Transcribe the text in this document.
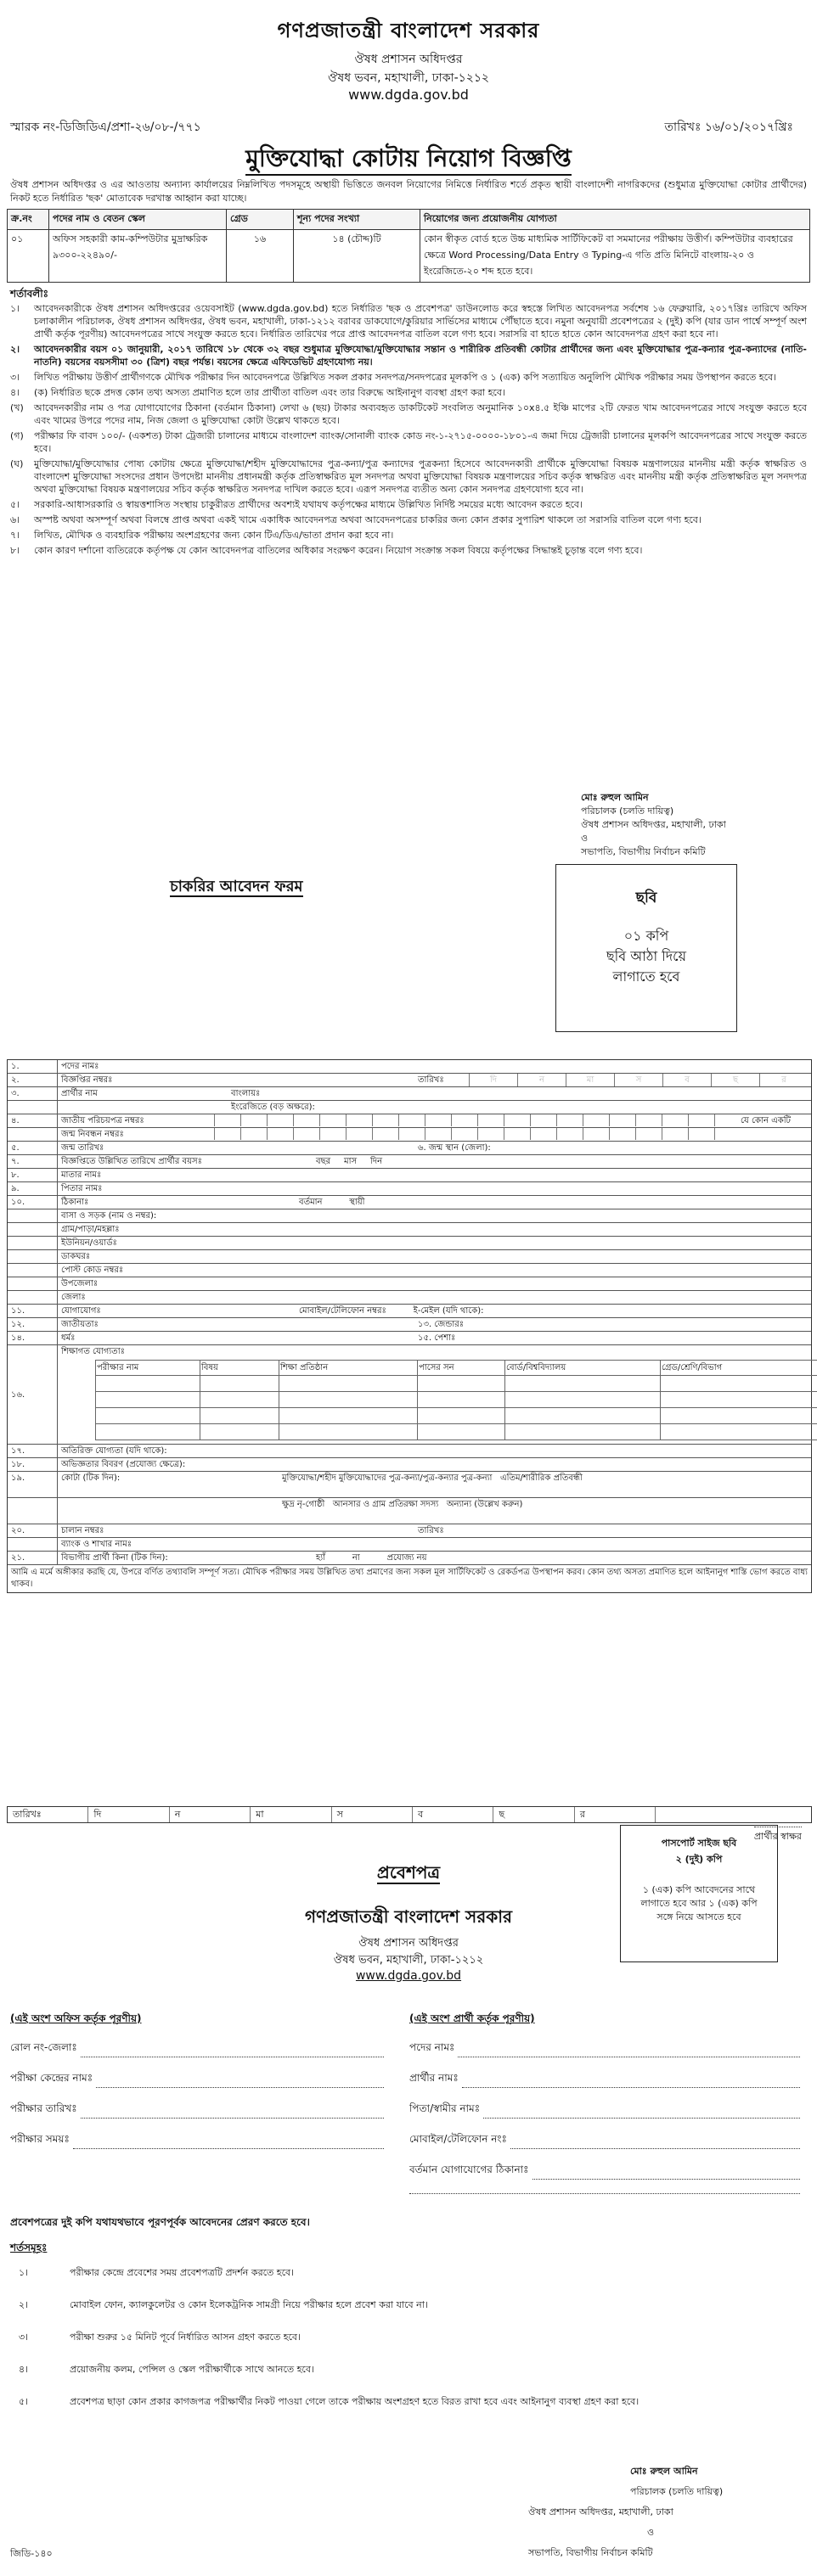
গণপ্রজাতন্ত্রী বাংলাদেশ সরকার
ঔষধ প্রশাসন অধিদপ্তর
ঔষধ ভবন, মহাখালী, ঢাকা-১২১২
www.dgda.gov.bd
স্মারক নং-ডিজিডিএ/প্রশা-২৬/০৮-/৭৭১	তারিখঃ ১৬/০১/২০১৭খ্রিঃ
মুক্তিযোদ্ধা কোটায় নিয়োগ বিজ্ঞপ্তি
ঔষধ প্রশাসন অধিদপ্তর ও এর আওতায় অন্যান্য কার্যালয়ের নিম্নলিখিত পদসমূহে অস্থায়ী ভিত্তিতে জনবল নিয়োগের নিমিত্তে নির্ধারিত শর্তে প্রকৃত স্থায়ী বাংলাদেশী নাগরিকদের (শুধুমাত্র মুক্তিযোদ্ধা কোটার প্রার্থীদের) নিকট হতে নির্ধারিত 'ছক' মোতাবেক দরখাস্ত আহ্বান করা যাচ্ছে।
ক্র.নং	পদের নাম ও বেতন স্কেল	গ্রেড	শূন্য পদের সংখ্যা	নিয়োগের জন্য প্রয়োজনীয় যোগ্যতা
০১	অফিস সহকারী কাম-কম্পিউটার মুদ্রাক্ষরিক ৯৩০০-২২৪৯০/-	১৬	১৪ (চৌদ্দ)টি	কোন স্বীকৃত বোর্ড হতে উচ্চ মাধ্যমিক সার্টিফিকেট বা সমমানের পরীক্ষায় উত্তীর্ণ। কম্পিউটার ব্যবহারের ক্ষেত্রে Word Processing/Data Entry ও Typing-এ গতি প্রতি মিনিটে বাংলায়-২০ ও ইংরেজিতে-২০ শব্দ হতে হবে।
শর্তাবলীঃ
১।	আবেদনকারীকে ঔষধ প্রশাসন অধিদপ্তরের ওয়েবসাইট (www.dgda.gov.bd) হতে নির্ধারিত 'ছক ও প্রবেশপত্র' ডাউনলোড করে স্বহস্তে লিখিত আবেদনপত্র সর্বশেষ ১৬ ফেব্রুয়ারি, ২০১৭খ্রিঃ তারিখে অফিস চলাকালীন পরিচালক, ঔষধ প্রশাসন অধিদপ্তর, ঔষধ ভবন, মহাখালী, ঢাকা-১২১২ বরাবর ডাকযোগে/কুরিয়ার সার্ভিসের মাধ্যমে পৌঁছাতে হবে। নমুনা অনুযায়ী প্রবেশপত্রের ২ (দুই) কপি (যার ডান পার্শ্বে সম্পূর্ণ অংশ প্রার্থী কর্তৃক পূরণীয়) আবেদনপত্রের সাথে সংযুক্ত করতে হবে। নির্ধারিত তারিখের পরে প্রাপ্ত আবেদনপত্র বাতিল বলে গণ্য হবে। সরাসরি বা হাতে হাতে কোন আবেদনপত্র গ্রহণ করা হবে না।
২।	আবেদনকারীর বয়স ০১ জানুয়ারী, ২০১৭ তারিখে ১৮ থেকে ৩২ বছর শুধুমাত্র মুক্তিযোদ্ধা/মুক্তিযোদ্ধার সন্তান ও শারীরিক প্রতিবন্ধী কোটার প্রার্থীদের জন্য এবং মুক্তিযোদ্ধার পুত্র-কন্যার পুত্র-কন্যাদের (নাতি-নাতনি) বয়সের বয়সসীমা ৩০ (ত্রিশ) বছর পর্যন্ত। বয়সের ক্ষেত্রে এফিডেভিট গ্রহণযোগ্য নয়।
৩।	লিখিত পরীক্ষায় উত্তীর্ণ প্রার্থীগণকে মৌখিক পরীক্ষার দিন আবেদনপত্রে উল্লিখিত সকল প্রকার সনদপত্র/সনদপত্রের মূলকপি ও ১ (এক) কপি সত্যায়িত অনুলিপি মৌখিক পরীক্ষার সময় উপস্থাপন করতে হবে।
৪।	(ক) নির্ধারিত ছকে প্রদত্ত কোন তথ্য অসত্য প্রমাণিত হলে তার প্রার্থীতা বাতিল এবং তার বিরুদ্ধে আইনানুগ ব্যবস্থা গ্রহণ করা হবে।
(খ)	আবেদনকারীর নাম ও পত্র যোগাযোগের ঠিকানা (বর্তমান ঠিকানা) লেখা ৬ (ছয়) টাকার অব্যবহৃত ডাকটিকেট সংবলিত অনুমানিক ১০x৪.৫ ইঞ্চি মাপের ২টি ফেরত খাম আবেদনপত্রের সাথে সংযুক্ত করতে হবে এবং খামের উপরে পদের নাম, নিজ জেলা ও মুক্তিযোদ্ধা কোটা উল্লেখ থাকতে হবে।
(গ)	পরীক্ষার ফি বাবদ ১০০/- (একশত) টাকা ট্রেজারী চালানের মাধ্যমে বাংলাদেশ ব্যাংক/সোনালী ব্যাংক কোড নং-১-২৭১৫-০০০০-১৮০১-এ জমা দিয়ে ট্রেজারী চালানের মূলকপি আবেদনপত্রের সাথে সংযুক্ত করতে হবে।
(ঘ)	মুক্তিযোদ্ধা/মুক্তিযোদ্ধার পোষ্য কোটায় ক্ষেত্রে মুক্তিযোদ্ধা/শহীদ মুক্তিযোদ্ধাদের পুত্র-কন্যা/পুত্র কন্যাদের পুত্রকন্যা হিসেবে আবেদনকারী প্রার্থীকে মুক্তিযোদ্ধা বিষয়ক মন্ত্রণালয়ের মাননীয় মন্ত্রী কর্তৃক স্বাক্ষরিত ও বাংলাদেশ মুক্তিযোদ্ধা সংসদের প্রধান উপদেষ্টা মাননীয় প্রধানমন্ত্রী কর্তৃক প্রতিস্বাক্ষরিত মূল সনদপত্র অথবা মুক্তিযোদ্ধা বিষয়ক মন্ত্রণালয়ের সচিব কর্তৃক স্বাক্ষরিত এবং মাননীয় মন্ত্রী কর্তৃক প্রতিস্বাক্ষরিত মূল সনদপত্র অথবা মুক্তিযোদ্ধা বিষয়ক মন্ত্রণালয়ের সচিব কর্তৃক স্বাক্ষরিত সনদপত্র দাখিল করতে হবে। এরূপ সনদপত্র ব্যতীত অন্য কোন সনদপত্র গ্রহণযোগ্য হবে না।
৫।	সরকারি-আধাসরকারি ও স্বায়ত্তশাসিত সংস্থায় চাকুরীরত প্রার্থীদের অবশ্যই যথাযথ কর্তৃপক্ষের মাধ্যমে উল্লিখিত নির্দিষ্ট সময়ের মধ্যে আবেদন করতে হবে।
৬।	অস্পষ্ট অথবা অসম্পূর্ণ অথবা বিলম্বে প্রাপ্ত অথবা একই খামে একাধিক আবেদনপত্র অথবা আবেদনপত্রের চাকরির জন্য কোন প্রকার সুপারিশ থাকলে তা সরাসরি বাতিল বলে গণ্য হবে।
৭।	লিখিত, মৌখিক ও ব্যবহারিক পরীক্ষায় অংশগ্রহণের জন্য কোন টিএ/ডিএ/ভাতা প্রদান করা হবে না।
৮।	কোন কারণ দর্শানো ব্যতিরেকে কর্তৃপক্ষ যে কোন আবেদনপত্র বাতিলের অধিকার সংরক্ষণ করেন। নিয়োগ সংক্রান্ত সকল বিষয়ে কর্তৃপক্ষের সিদ্ধান্তই চূড়ান্ত বলে গণ্য হবে।
মোঃ রুহুল আমিন
পরিচালক (চলতি দায়িত্ব)
ঔষধ প্রশাসন অধিদপ্তর, মহাখালী, ঢাকা
ও
সভাপতি, বিভাগীয় নির্বাচন কমিটি
চাকরির আবেদন ফরম
ছবি
০১ কপি
ছবি আঠা দিয়ে
লাগাতে হবে
১.	পদের নামঃ
২.	বিজ্ঞপ্তির নম্বরঃ	তারিখঃ	দি	ন	মা	স	ব	ছ	র
৩.	প্রার্থীর নাম	বাংলায়ঃ
ইংরেজিতে (বড় অক্ষরে):
৪.	জাতীয় পরিচয়পত্র নম্বরঃ	যে কোন একটি
জন্ম নিবন্ধন নম্বরঃ
৫.	জন্ম তারিখঃ	৬. জন্ম স্থান (জেলা):
৭.	বিজ্ঞপ্তিতে উল্লিখিত তারিখে প্রার্থীর বয়সঃ	বছর     মাস     দিন
৮.	মাতার নামঃ
৯.	পিতার নামঃ
১০.	ঠিকানাঃ	বর্তমান          স্থায়ী
বাসা ও সড়ক (নাম ও নম্বর):
গ্রাম/পাড়া/মহল্লাঃ
ইউনিয়ন/ওয়ার্ডঃ
ডাকঘরঃ
পোস্ট কোড নম্বরঃ
উপজেলাঃ
জেলাঃ
১১.	যোগাযোগঃ	মোবাইল/টেলিফোন নম্বরঃ          ই-মেইল (যদি থাকে):
১২.	জাতীয়তাঃ	১৩. জেন্ডারঃ
১৪.	ধর্মঃ	১৫. পেশাঃ
১৬.
শিক্ষাগত যোগ্যতাঃ
পরীক্ষার নাম	বিষয়	শিক্ষা প্রতিষ্ঠান	পাসের সন	বোর্ড/বিশ্ববিদ্যালয়	গ্রেড/শ্রেণি/বিভাগ

১৭.	অতিরিক্ত যোগ্যতা (যদি থাকে):
১৮.	অভিজ্ঞতার বিবরণ (প্রযোজ্য ক্ষেত্রে):
১৯.	কোটা (টিক দিন):	মুক্তিযোদ্ধা/শহীদ মুক্তিযোদ্ধাদের পুত্র-কন্যা/পুত্র-কন্যার পুত্র-কন্যা   এতিম/শারীরিক প্রতিবন্ধী
ক্ষুদ্র নৃ-গোষ্ঠী   আনসার ও গ্রাম প্রতিরক্ষা সদস্য   অন্যান্য (উল্লেখ করুন)
২০.	চালান নম্বরঃ	তারিখঃ
ব্যাংক ও শাখার নামঃ
২১.	বিভাগীয় প্রার্থী কিনা (টিক দিন):	হ্যাঁ          না          প্রযোজ্য নয়
আমি এ মর্মে অঙ্গীকার করছি যে, উপরে বর্ণিত তথ্যাবলি সম্পূর্ণ সত্য। মৌখিক পরীক্ষার সময় উল্লিখিত তথ্য প্রমাণের জন্য সকল মূল সার্টিফিকেট ও রেকর্ডপত্র উপস্থাপন করব। কোন তথ্য অসত্য প্রমাণিত হলে আইনানুগ শাস্তি ভোগ করতে বাধ্য থাকব।
তারিখঃ	দি	ন	মা	স	ব	ছ	র
প্রার্থীর স্বাক্ষর
প্রবেশপত্র
পাসপোর্ট সাইজ ছবি
২ (দুই) কপি
১ (এক) কপি আবেদনের সাথে লাগাতে হবে আর ১ (এক) কপি সঙ্গে নিয়ে আসতে হবে
গণপ্রজাতন্ত্রী বাংলাদেশ সরকার
ঔষধ প্রশাসন অধিদপ্তর
ঔষধ ভবন, মহাখালী, ঢাকা-১২১২
www.dgda.gov.bd
(এই অংশ অফিস কর্তৃক পূরণীয়)
রোল নং-জেলাঃ
পরীক্ষা কেন্দ্রের নামঃ
পরীক্ষার তারিখঃ
পরীক্ষার সময়ঃ
(এই অংশ প্রার্থী কর্তৃক পূরণীয়)
পদের নামঃ
প্রার্থীর নামঃ
পিতা/স্বামীর নামঃ
মোবাইল/টেলিফোন নংঃ
বর্তমান যোগাযোগের ঠিকানাঃ
প্রবেশপত্রের দুই কপি যথাযথভাবে পূরণপূর্বক আবেদনের প্রেরণ করতে হবে।
শর্তসমূহঃ
১।	পরীক্ষার কেন্দ্রে প্রবেশের সময় প্রবেশপত্রটি প্রদর্শন করতে হবে।
২।	মোবাইল ফোন, ক্যালকুলেটর ও কোন ইলেকট্রনিক সামগ্রী নিয়ে পরীক্ষার হলে প্রবেশ করা যাবে না।
৩।	পরীক্ষা শুরুর ১৫ মিনিট পূর্বে নির্ধারিত আসন গ্রহণ করতে হবে।
৪।	প্রয়োজনীয় কলম, পেন্সিল ও স্কেল পরীক্ষার্থীকে সাথে আনতে হবে।
৫।	প্রবেশপত্র ছাড়া কোন প্রকার কাগজপত্র পরীক্ষার্থীর নিকট পাওয়া গেলে তাকে পরীক্ষায় অংশগ্রহণ হতে বিরত রাখা হবে এবং আইনানুগ ব্যবস্থা গ্রহণ করা হবে।
মোঃ রুহুল আমিন
পরিচালক (চলতি দায়িত্ব)
ঔষধ প্রশাসন অধিদপ্তর, মহাখালী, ঢাকা
ও
সভাপতি, বিভাগীয় নির্বাচন কমিটি
জিডি-১৪০
